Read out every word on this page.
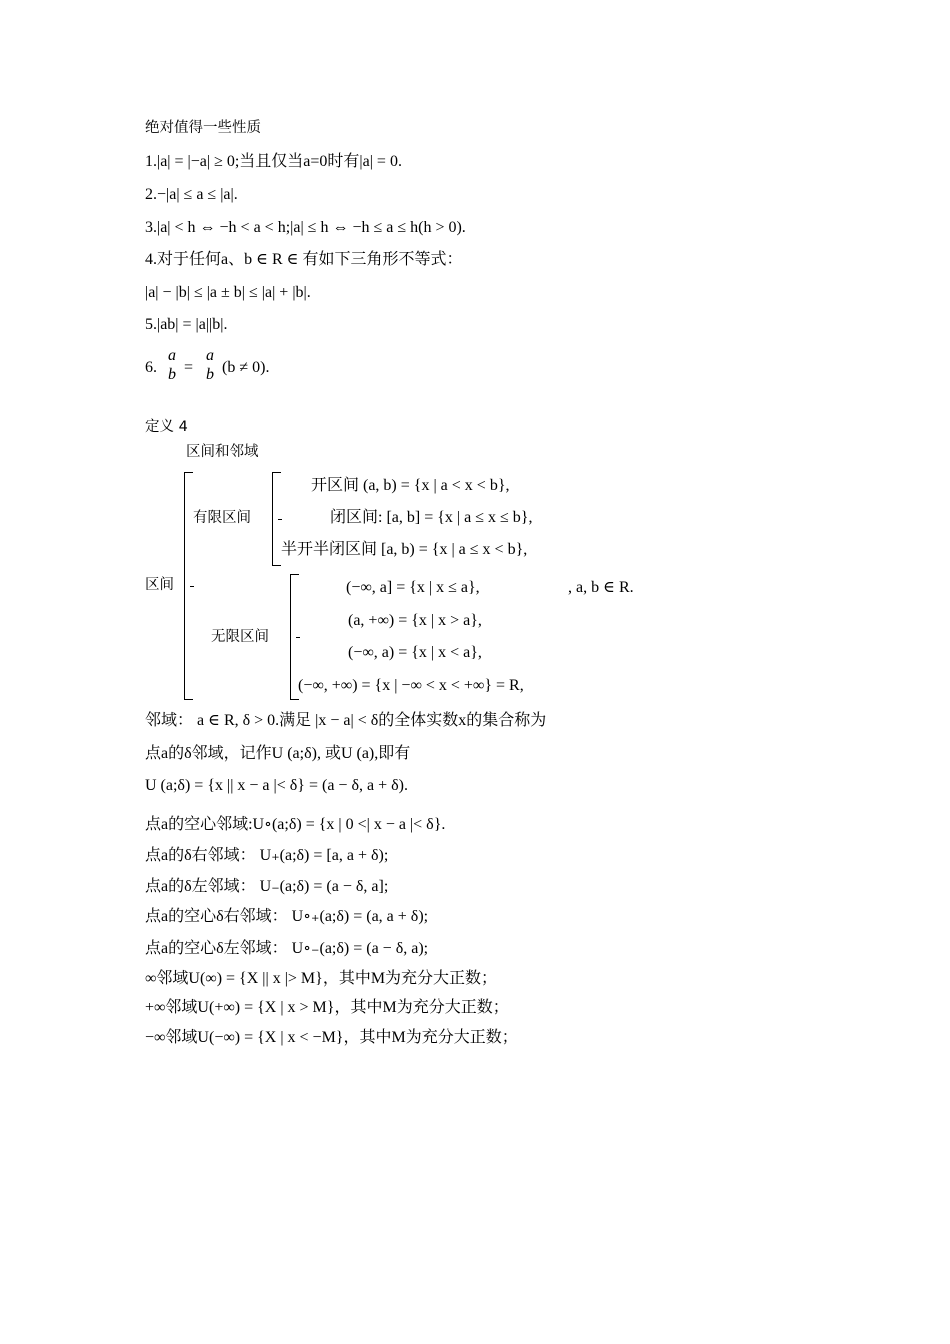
绝对值得一些性质
1.|a| = |−a| ≥ 0;当且仅当a=0时有|a| = 0.
2.−|a| ≤ a ≤ |a|.
3.|a| < h ⇔ −h < a < h;|a| ≤ h ⇔ −h ≤ a ≤ h(h > 0).
4.对于任何a、b ∈ R ∈ 有如下三角形不等式：
|a| − |b| ≤ |a ± b| ≤ |a| + |b|.
5.|ab| = |a||b|.
6.
a
b =
a
b (b ≠ 0).
定义 4
区间和邻域
区间
有限区间
开区间 (a, b) = {x | a < x < b},
闭区间: [a, b] = {x | a ≤ x ≤ b},
半开半闭区间 [a, b) = {x | a ≤ x < b},
, a, b ∈ R.
无限区间
(−∞, a] = {x | x ≤ a},
(a, +∞) = {x | x > a},
(−∞, a) = {x | x < a},
(−∞, +∞) = {x | −∞ < x < +∞} = R,
邻域： a ∈ R, δ > 0.满足 |x − a| < δ的全体实数x的集合称为
点a的δ邻域，记作U (a;δ), 或U (a),即有
U (a;δ) = {x || x − a |< δ} = (a − δ, a + δ).
点a的空心邻域:U∘(a;δ) = {x | 0 <| x − a |< δ}.
点a的δ右邻域： U₊(a;δ) = [a, a + δ);
点a的δ左邻域： U₋(a;δ) = (a − δ, a];
点a的空心δ右邻域： U∘₊(a;δ) = (a, a + δ);
点a的空心δ左邻域： U∘₋(a;δ) = (a − δ, a);
∞邻域U(∞) = {X || x |> M}，其中M为充分大正数；
+∞邻域U(+∞) = {X | x > M}，其中M为充分大正数；
−∞邻域U(−∞) = {X | x < −M}，其中M为充分大正数；
